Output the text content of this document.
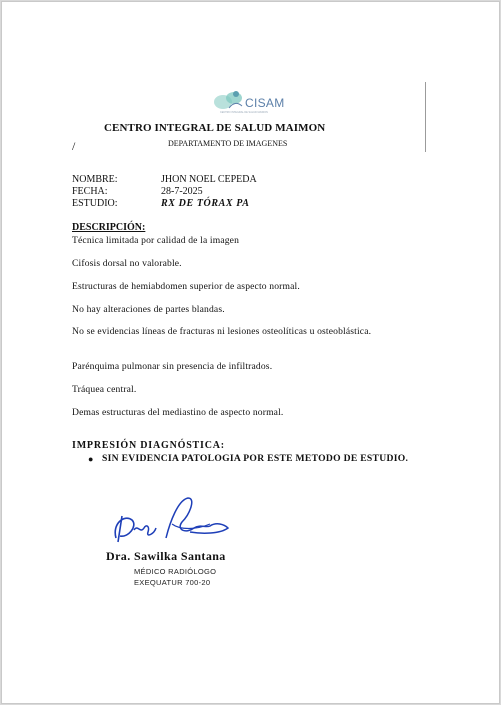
CISAM
CENTRO INTEGRAL DE SALUD MAIMON
CENTRO INTEGRAL DE SALUD MAIMON
DEPARTAMENTO DE IMAGENES
/
NOMBRE:	JHON NOEL CEPEDA
FECHA:	28-7-2025
ESTUDIO:	RX DE TÓRAX PA
DESCRIPCIÓN:
Técnica limitada por calidad de la imagen
Cifosis dorsal no valorable.
Estructuras de hemiabdomen superior de aspecto normal.
No hay alteraciones de partes blandas.
No se evidencias líneas de fracturas ni lesiones osteolíticas u osteoblástica.
Parénquima pulmonar sin presencia de infiltrados.
Tráquea central.
Demas estructuras del mediastino de aspecto normal.
IMPRESIÓN DIAGNÓSTICA:
● SIN EVIDENCIA PATOLOGIA POR ESTE METODO DE ESTUDIO.
Dra. Sawilka Santana
MÉDICO RADIÓLOGO
EXEQUATUR 700-20
